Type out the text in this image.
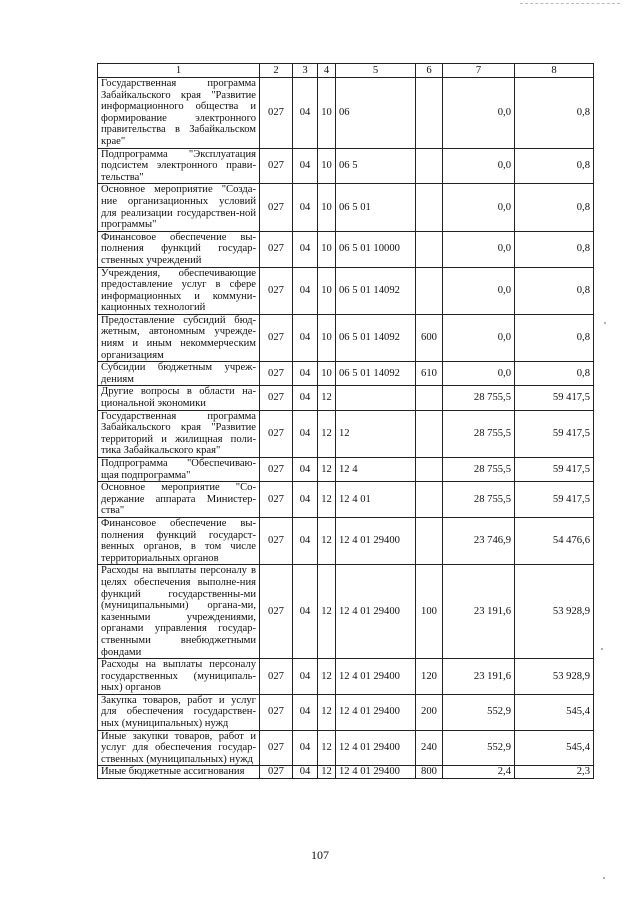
1	2	3	4	5	6	7	8
Государственная программа Забайкальского края "Развитие информационного общества и формирование электронного правительства в Забайкальском крае"	027	04	10	06		0,0	0,8
Подпрограмма "Эксплуатация подсистем электронного прави-тельства"	027	04	10	06 5		0,0	0,8
Основное мероприятие "Созда-ние организационных условий для реализации государствен-ной программы"	027	04	10	06 5 01		0,0	0,8
Финансовое обеспечение вы-полнения функций государ-ственных учреждений	027	04	10	06 5 01 10000		0,0	0,8
Учреждения, обеспечивающие предоставление услуг в сфере информационных и коммуни-кационных технологий	027	04	10	06 5 01 14092		0,0	0,8
Предоставление субсидий бюд-жетным, автономным учрежде-ниям и иным некоммерческим организациям	027	04	10	06 5 01 14092	600	0,0	0,8
Субсидии бюджетным учреж-дениям	027	04	10	06 5 01 14092	610	0,0	0,8
Другие вопросы в области на-циональной экономики	027	04	12			28 755,5	59 417,5
Государственная программа Забайкальского края "Развитие территорий и жилищная поли-тика Забайкальского края"	027	04	12	12		28 755,5	59 417,5
Подпрограмма "Обеспечиваю-щая подпрограмма"	027	04	12	12 4		28 755,5	59 417,5
Основное мероприятие "Со-держание аппарата Министер-ства"	027	04	12	12 4 01		28 755,5	59 417,5
Финансовое обеспечение вы-полнения функций государст-венных органов, в том числе территориальных органов	027	04	12	12 4 01 29400		23 746,9	54 476,6
Расходы на выплаты персоналу в целях обеспечения выполне-ния функций государственны-ми (муниципальными) органа-ми, казенными учреждениями, органами управления государ-ственными внебюджетными фондами	027	04	12	12 4 01 29400	100	23 191,6	53 928,9
Расходы на выплаты персоналу государственных (муниципаль-ных) органов	027	04	12	12 4 01 29400	120	23 191,6	53 928,9
Закупка товаров, работ и услуг для обеспечения государствен-ных (муниципальных) нужд	027	04	12	12 4 01 29400	200	552,9	545,4
Иные закупки товаров, работ и услуг для обеспечения государ-ственных (муниципальных) нужд	027	04	12	12 4 01 29400	240	552,9	545,4
Иные бюджетные ассигнования	027	04	12	12 4 01 29400	800	2,4	2,3
107
